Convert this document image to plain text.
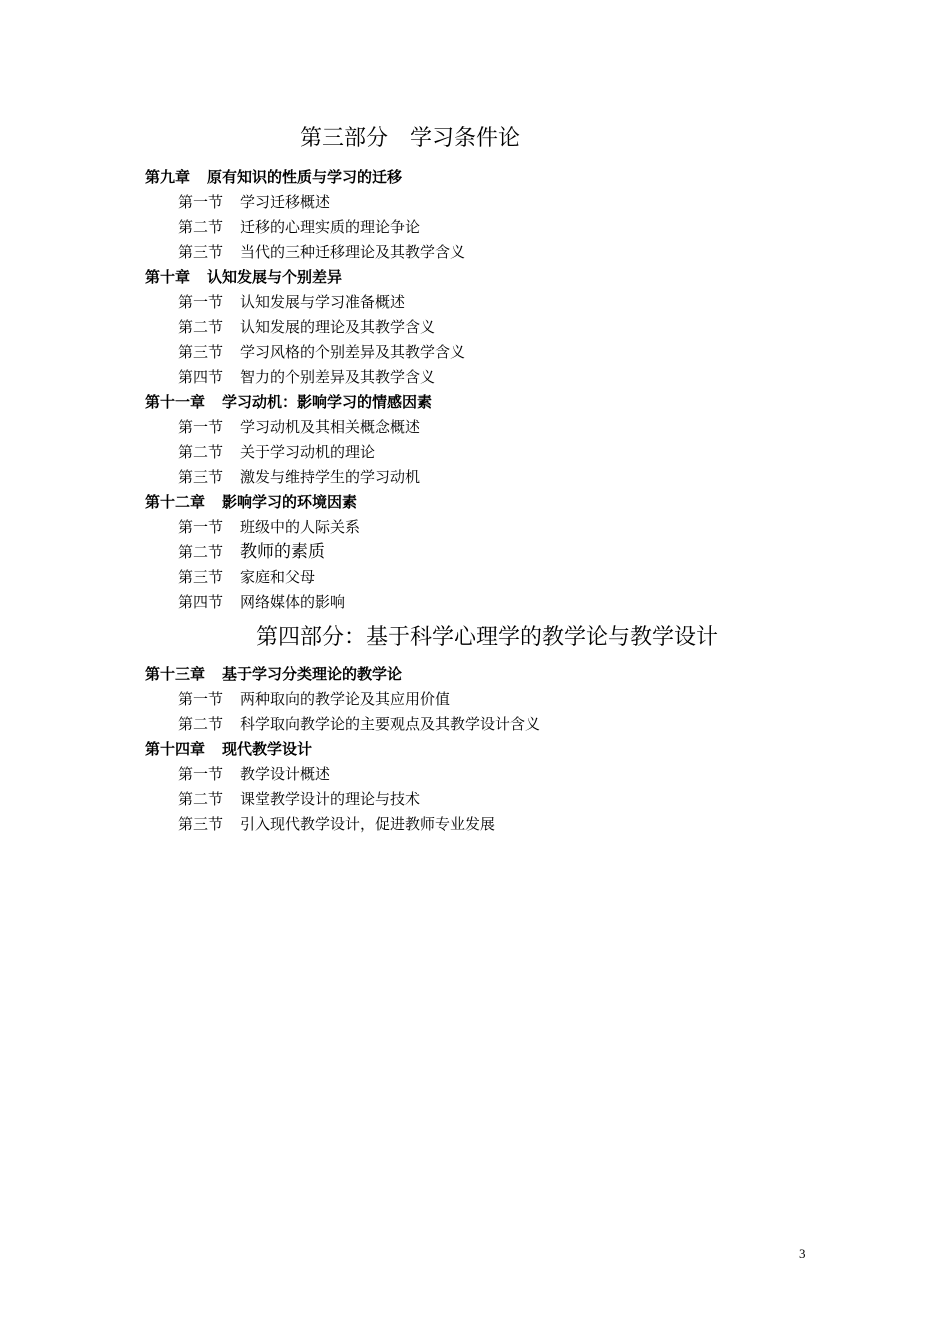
第三部分　学习条件论
第九章 原有知识的性质与学习的迁移
第一节 学习迁移概述
第二节 迁移的心理实质的理论争论
第三节 当代的三种迁移理论及其教学含义
第十章 认知发展与个别差异
第一节 认知发展与学习准备概述
第二节 认知发展的理论及其教学含义
第三节 学习风格的个别差异及其教学含义
第四节 智力的个别差异及其教学含义
第十一章 学习动机：影响学习的情感因素
第一节 学习动机及其相关概念概述
第二节 关于学习动机的理论
第三节 激发与维持学生的学习动机
第十二章 影响学习的环境因素
第一节 班级中的人际关系
第二节 教师的素质
第三节 家庭和父母
第四节 网络媒体的影响
第四部分：基于科学心理学的教学论与教学设计
第十三章 基于学习分类理论的教学论
第一节 两种取向的教学论及其应用价值
第二节 科学取向教学论的主要观点及其教学设计含义
第十四章 现代教学设计
第一节 教学设计概述
第二节 课堂教学设计的理论与技术
第三节 引入现代教学设计，促进教师专业发展
3
